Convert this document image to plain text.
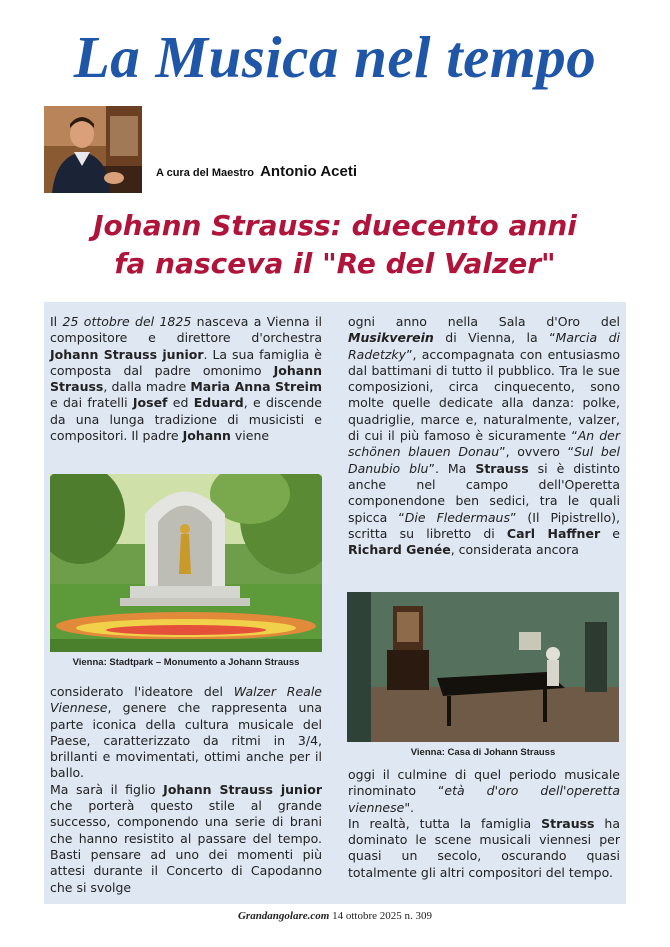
La Musica nel tempo
A cura del Maestro Antonio Aceti
Johann Strauss: duecento anni
fa nasceva il "Re del Valzer"

Il 25 ottobre del 1825 nasceva a Vienna il compositore e direttore d'orchestra Johann Strauss junior. La sua famiglia è composta dal padre omonimo Johann Strauss, dalla madre Maria Anna Streim e dai fratelli Josef ed Eduard, e discende da una lunga tradizione di musicisti e compositori. Il padre Johann viene

Vienna: Stadtpark – Monumento a Johann Strauss

considerato l'ideatore del Walzer Reale Viennese, genere che rappresenta una parte iconica della cultura musicale del Paese, caratterizzato da ritmi in 3/4, brillanti e movimentati, ottimi anche per il ballo.
Ma sarà il figlio Johann Strauss junior che porterà questo stile al grande successo, componendo una serie di brani che hanno resistito al passare del tempo. Basti pensare ad uno dei momenti più attesi durante il Concerto di Capodanno che si svolge

ogni anno nella Sala d'Oro del Musikverein di Vienna, la “Marcia di Radetzky”, accompagnata con entusiasmo dal battimani di tutto il pubblico. Tra le sue composizioni, circa cinquecento, sono molte quelle dedicate alla danza: polke, quadriglie, marce e, naturalmente, valzer, di cui il più famoso è sicuramente “An der schönen blauen Donau”, ovvero “Sul bel Danubio blu”. Ma Strauss si è distinto anche nel campo dell'Operetta componendone ben sedici, tra le quali spicca “Die Fledermaus” (Il Pipistrello), scritta su libretto di Carl Haffner e Richard Genée, considerata ancora

Vienna: Casa di Johann Strauss

oggi il culmine di quel periodo musicale rinominato “età d'oro dell'operetta viennese".
In realtà, tutta la famiglia Strauss ha dominato le scene musicali viennesi per quasi un secolo, oscurando quasi totalmente gli altri compositori del tempo.

Grandangolare.com 14 ottobre 2025 n. 309
